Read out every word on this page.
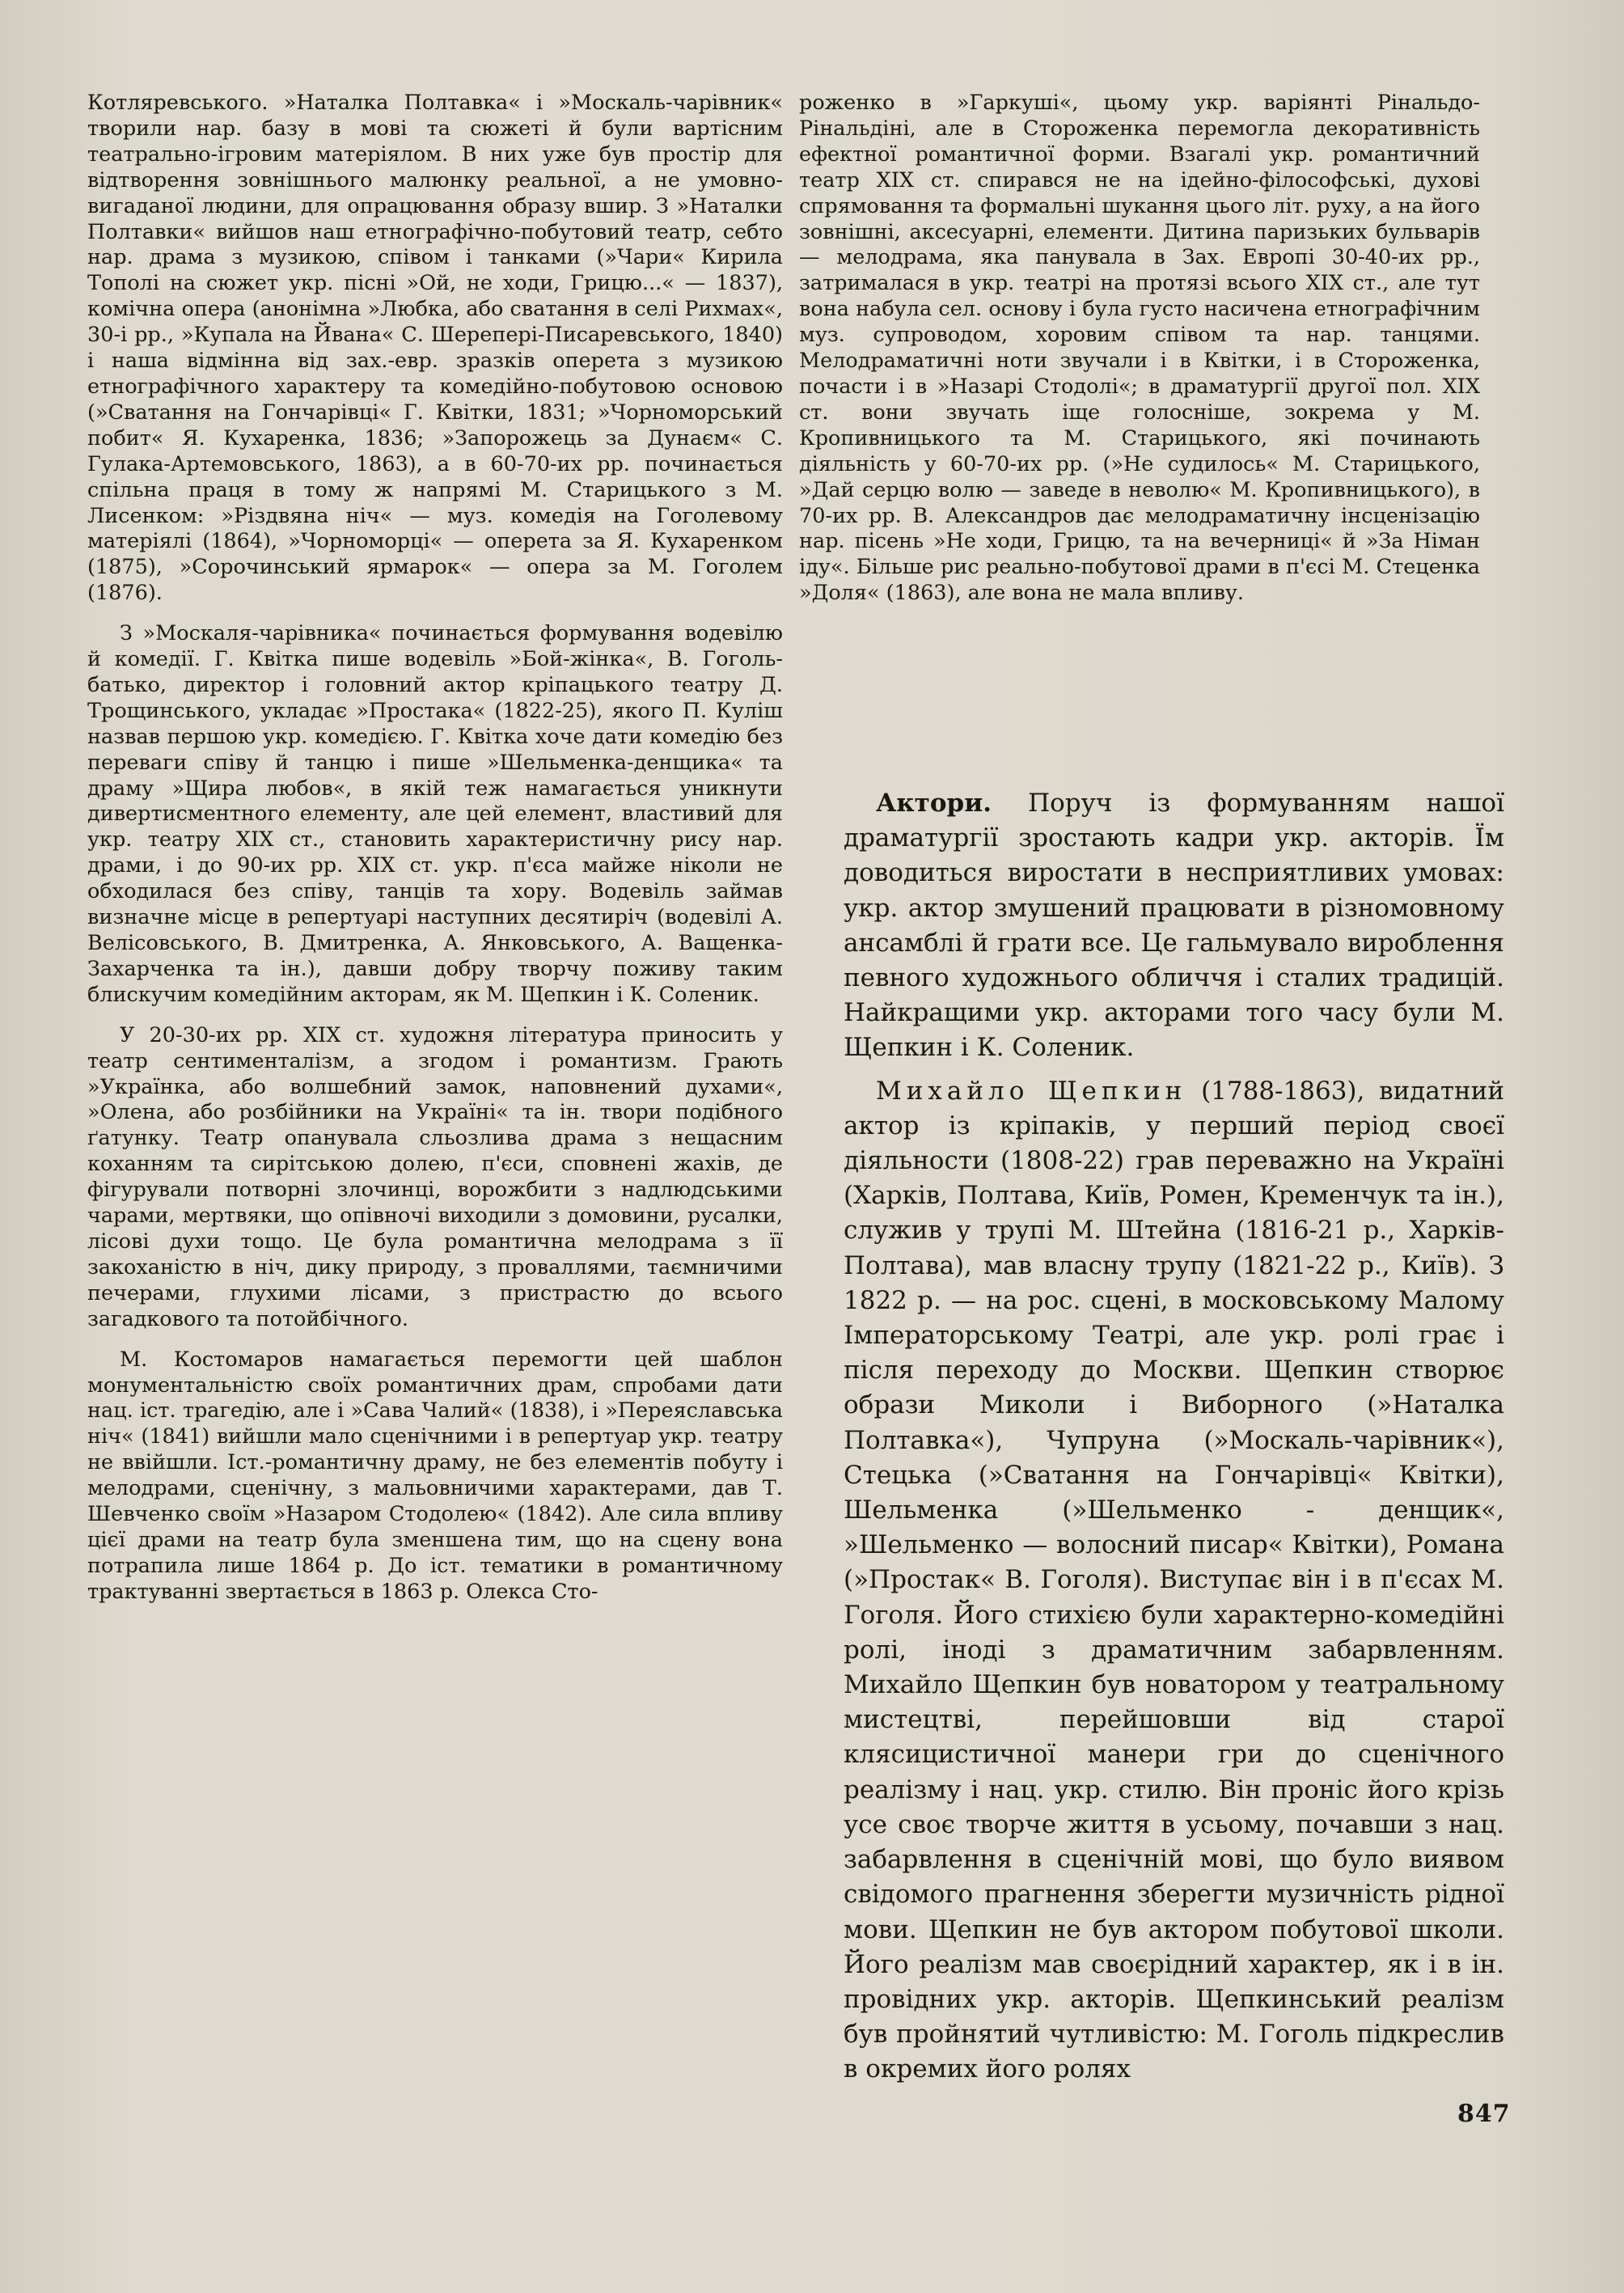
Котляревського. »Наталка Полтавка« і »Москаль-чарівник« творили нар. базу в мові та сюжеті й були вартісним театрально-ігровим матеріялом. В них уже був простір для відтворення зовнішнього малюнку реальної, а не умовно-вигаданої людини, для опрацювання образу вшир. З »Наталки Полтавки« вийшов наш етнографічно-побутовий театр, себто нар. драма з музикою, співом і танками (»Чари« Кирила Тополі на сюжет укр. пісні »Ой, не ходи, Грицю...« — 1837), комічна опера (анонімна »Любка, або сватання в селі Рихмах«, 30-і рр., »Купала на Йвана« С. Шереперi-Писаревського, 1840) і наша відмінна від зах.-евр. зразків оперета з музикою етнографічного характеру та комедійно-побутовою основою (»Сватання на Гончарівці« Г. Квітки, 1831; »Чорноморський побит« Я. Кухаренка, 1836; »Запорожець за Дунаєм« С. Гулака-Артемовського, 1863), а в 60-70-их рр. починається спільна праця в тому ж напрямі М. Старицького з М. Лисенком: »Різдвяна ніч« — муз. комедія на Гоголевому матеріялі (1864), »Чорноморці« — оперета за Я. Кухаренком (1875), »Сорочинський ярмарок« — опера за М. Гоголем (1876).

З »Москаля-чарівника« починається формування водевілю й комедії. Г. Квітка пише водевіль »Бой-жінка«, В. Гоголь-батько, директор і головний актор кріпацького театру Д. Трощинського, укладає »Простака« (1822-25), якого П. Куліш назвав першою укр. комедією. Г. Квітка хоче дати комедію без переваги співу й танцю і пише »Шельменка-денщика« та драму »Щира любов«, в якій теж намагається уникнути дивертисментного елементу, але цей елемент, властивий для укр. театру XIX ст., становить характеристичну рису нар. драми, і до 90-их рр. XIX ст. укр. п'єса майже ніколи не обходилася без співу, танців та хору. Водевіль займав визначне місце в репертуарі наступних десятиріч (водевілі А. Велісовського, В. Дмитренка, А. Янковського, А. Ващенка-Захарченка та ін.), давши добру творчу поживу таким блискучим комедійним акторам, як М. Щепкин і К. Соленик.

У 20-30-их рр. XIX ст. художня література приносить у театр сентименталізм, а згодом і романтизм. Грають »Українка, або волшебний замок, наповнений духами«, »Олена, або розбійники на Україні« та ін. твори подібного ґатунку. Театр опанувала сльозлива драма з нещасним коханням та сирітською долею, п'єси, сповнені жахів, де фігурували потворні злочинці, ворожбити з надлюдськими чарами, мертвяки, що опівночі виходили з домовини, русалки, лісові духи тощо. Це була романтична мелодрама з її закоханістю в ніч, дику природу, з проваллями, таємничими печерами, глухими лісами, з пристрастю до всього загадкового та потойбічного.

М. Костомаров намагається перемогти цей шаблон монументальністю своїх романтичних драм, спробами дати нац. іст. трагедію, але і »Сава Чалий« (1838), і »Переяславська ніч« (1841) вийшли мало сценічними і в репертуар укр. театру не ввійшли. Іст.-романтичну драму, не без елементів побуту і мелодрами, сценічну, з мальовничими характерами, дав Т. Шевченко своїм »Назаром Стодолею« (1842). Але сила впливу цієї драми на театр була зменшена тим, що на сцену вона потрапила лише 1864 р. До іст. тематики в романтичному трактуванні звертається в 1863 р. Олекса Сто-

роженко в »Гаркуші«, цьому укр. варіянті Рінальдо-Рінальдіні, але в Стороженка перемогла декоративність ефектної романтичної форми. Взагалі укр. романтичний театр XIX ст. спирався не на ідейно-філософські, духові спрямовання та формальні шукання цього літ. руху, а на його зовнішні, аксесуарні, елементи. Дитина паризьких бульварів — мелодрама, яка панувала в Зах. Европі 30-40-их рр., затрималася в укр. театрі на протязі всього XIX ст., але тут вона набула сел. основу і була густо насичена етнографічним муз. супроводом, хоровим співом та нар. танцями. Мелодраматичні ноти звучали і в Квітки, і в Стороженка, почасти і в »Назарі Стодолі«; в драматургії другої пол. XIX ст. вони звучать іще голосніше, зокрема у М. Кропивницького та М. Старицького, які починають діяльність у 60-70-их рр. (»Не судилось« М. Старицького, »Дай серцю волю — заведе в неволю« М. Кропивницького), в 70-их рр. В. Александров дає мелодраматичну інсценізацію нар. пісень »Не ходи, Грицю, та на вечерниці« й »За Німан іду«. Більше рис реально-побутової драми в п'єсі М. Стеценка »Доля« (1863), але вона не мала впливу.

Актори. Поруч із формуванням нашої драматургії зростають кадри укр. акторів. Їм доводиться виростати в несприятливих умовах: укр. актор змушений працювати в різномовному ансамблі й грати все. Це гальмувало вироблення певного художнього обличчя і сталих традицій. Найкращими укр. акторами того часу були М. Щепкин і К. Соленик.

Михайло Щепкин (1788-1863), видатний актор із кріпаків, у перший період своєї діяльности (1808-22) грав переважно на Україні (Харків, Полтава, Київ, Ромен, Кременчук та ін.), служив у трупі М. Штейна (1816-21 р., Харків-Полтава), мав власну трупу (1821-22 р., Київ). З 1822 р. — на рос. сцені, в московському Малому Імператорському Театрі, але укр. ролі грає і після переходу до Москви. Щепкин створює образи Миколи і Виборного (»Наталка Полтавка«), Чупруна (»Москаль-чарівник«), Стецька (»Сватання на Гончарівці« Квітки), Шельменка (»Шельменко - денщик«, »Шельменко — волосний писар« Квітки), Романа (»Простак« В. Гоголя). Виступає він і в п'єсах М. Гоголя. Його стихією були характерно-комедійні ролі, іноді з драматичним забарвленням. Михайло Щепкин був новатором у театральному мистецтві, перейшовши від старої клясицистичної манери гри до сценічного реалізму і нац. укр. стилю. Він проніс його крізь усе своє творче життя в усьому, почавши з нац. забарвлення в сценічній мові, що було виявом свідомого прагнення зберегти музичність рідної мови. Щепкин не був актором побутової школи. Його реалізм мав своєрідний характер, як і в ін. провідних укр. акторів. Щепкинський реалізм був пройнятий чутливістю: М. Гоголь підкреслив в окремих його ролях

847
